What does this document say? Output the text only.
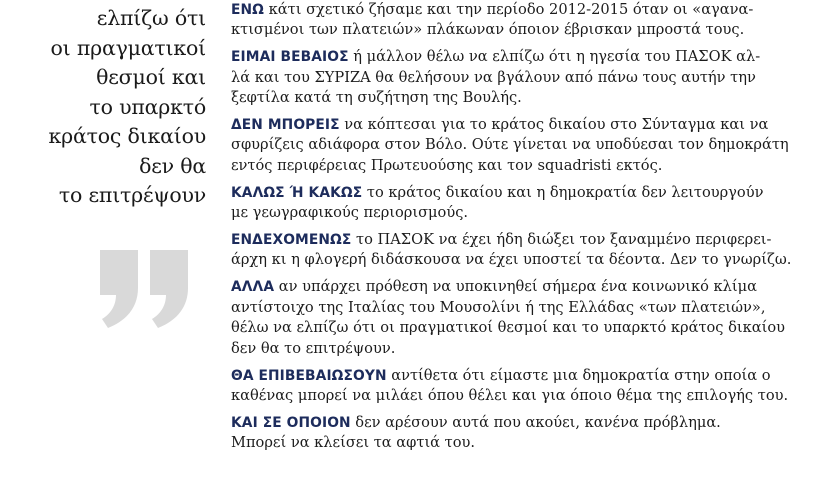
ελπίζω ότι
οι πραγματικοί
θεσμοί και
το υπαρκτό
κράτος δικαίου
δεν θα
το επιτρέψουν

ΕΝΩ κάτι σχετικό ζήσαμε και την περίοδο 2012-2015 όταν οι «αγανα-
κτισμένοι των πλατειών» πλάκωναν όποιον έβρισκαν μπροστά τους.

ΕΙΜΑΙ ΒΕΒΑΙΟΣ ή μάλλον θέλω να ελπίζω ότι η ηγεσία του ΠΑΣΟΚ αλ-
λά και του ΣΥΡΙΖΑ θα θελήσουν να βγάλουν από πάνω τους αυτήν την
ξεφτίλα κατά τη συζήτηση της Βουλής.

ΔΕΝ ΜΠΟΡΕΙΣ να κόπτεσαι για το κράτος δικαίου στο Σύνταγμα και να
σφυρίζεις αδιάφορα στον Βόλο. Ούτε γίνεται να υποδύεσαι τον δημοκράτη
εντός περιφέρειας Πρωτευούσης και τον squadristi εκτός.

ΚΑΛΩΣ Ή ΚΑΚΩΣ το κράτος δικαίου και η δημοκρατία δεν λειτουργούν
με γεωγραφικούς περιορισμούς.

ΕΝΔΕΧΟΜΕΝΩΣ το ΠΑΣΟΚ να έχει ήδη διώξει τον ξαναμμένο περιφερει-
άρχη κι η φλογερή διδάσκουσα να έχει υποστεί τα δέοντα. Δεν το γνωρίζω.

ΑΛΛΑ αν υπάρχει πρόθεση να υποκινηθεί σήμερα ένα κοινωνικό κλίμα
αντίστοιχο της Ιταλίας του Μουσολίνι ή της Ελλάδας «των πλατειών»,
θέλω να ελπίζω ότι οι πραγματικοί θεσμοί και το υπαρκτό κράτος δικαίου
δεν θα το επιτρέψουν.

ΘΑ ΕΠΙΒΕΒΑΙΩΣΟΥΝ αντίθετα ότι είμαστε μια δημοκρατία στην οποία ο
καθένας μπορεί να μιλάει όπου θέλει και για όποιο θέμα της επιλογής του.

ΚΑΙ ΣΕ ΟΠΟΙΟΝ δεν αρέσουν αυτά που ακούει, κανένα πρόβλημα.
Μπορεί να κλείσει τα αφτιά του.
